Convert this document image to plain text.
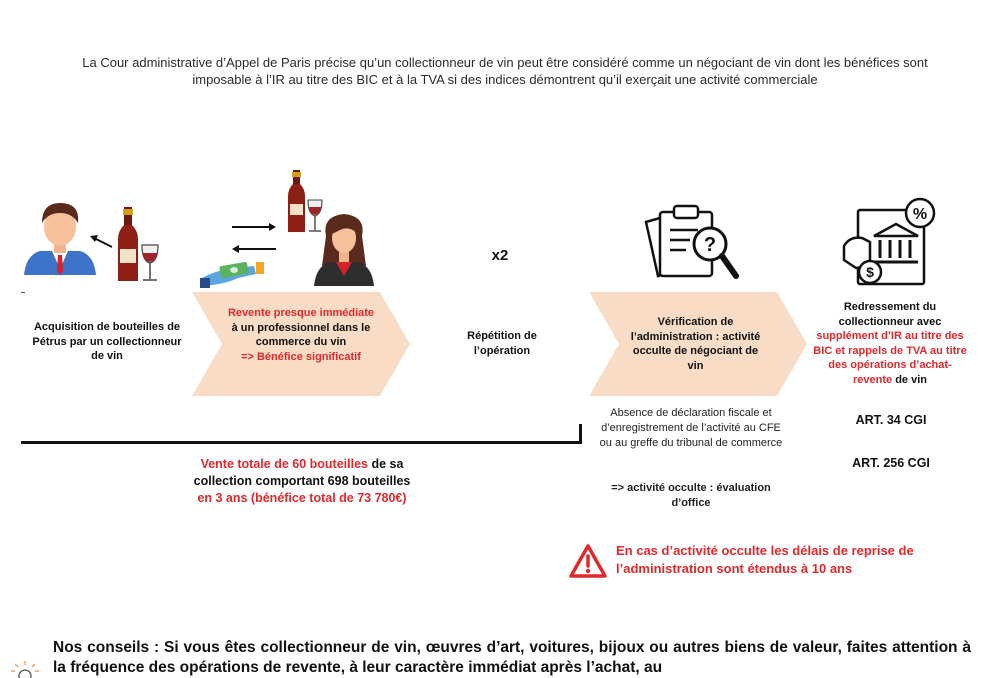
La Cour administrative d’Appel de Paris précise qu’un collectionneur de vin peut être considéré comme un négociant de vin dont les bénéfices sont imposable à l’IR au titre des BIC et à la TVA si des indices démontrent qu’il exerçait une activité commerciale
?
%
$
Acquisition de bouteilles de Pétrus par un collectionneur de vin
Revente presque immédiate à un professionnel dans le commerce du vin
=> Bénéfice significatif
x2
Répétition de l’opération
Vérification de l’administration : activité occulte de négociant de vin
Redressement du collectionneur avec supplément d’IR au titre des BIC et rappels de TVA au titre des opérations d’achat-revente de vin
Vente totale de 60 bouteilles de sa collection comportant 698 bouteilles
en 3 ans (bénéfice total de 73 780€)
Absence de déclaration fiscale et d’enregistrement de l’activité au CFE ou au greffe du tribunal de commerce
=> activité occulte : évaluation d’office
ART. 34 CGI
ART. 256 CGI
En cas d’activité occulte les délais de reprise de l’administration sont étendus à 10 ans
Nos conseils : Si vous êtes collectionneur de vin, œuvres d’art, voitures, bijoux ou autres biens de valeur, faites attention à la fréquence des opérations de revente, à leur caractère immédiat après l’achat, au
